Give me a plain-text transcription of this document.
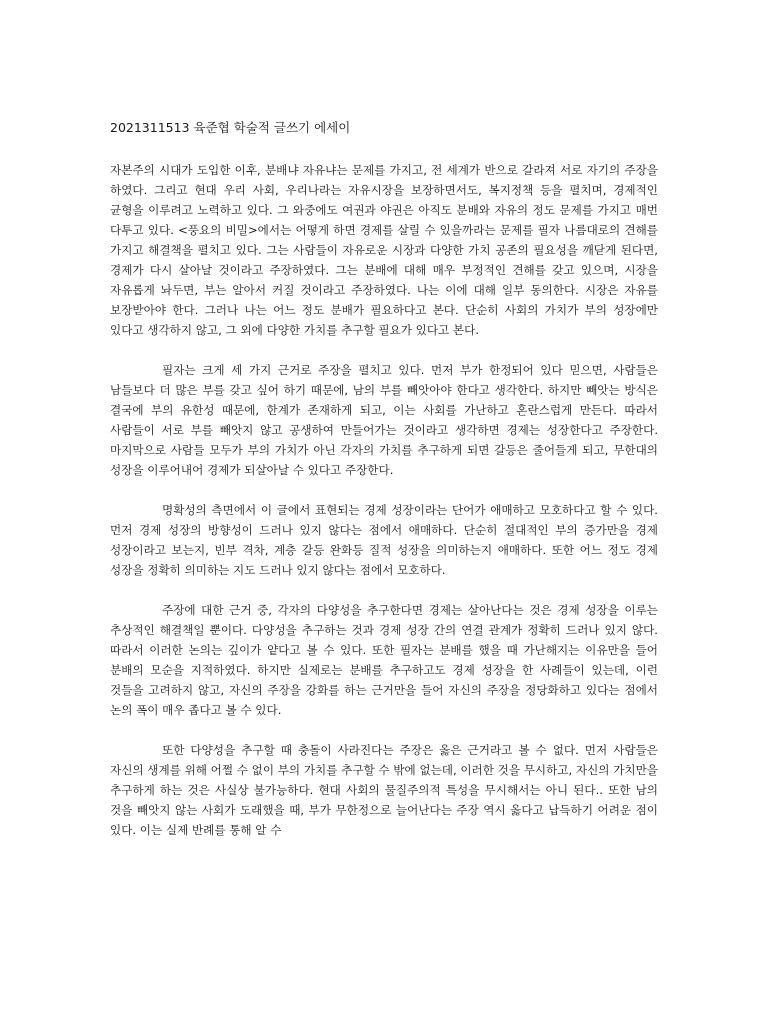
2021311513 육준협 학술적 글쓰기 에세이

자본주의 시대가 도입한 이후, 분배냐 자유냐는 문제를 가지고, 전 세계가 반으로 갈라져 서로 자기의 주장을 하였다. 그리고 현대 우리 사회, 우리나라는 자유시장을 보장하면서도, 복지정책 등을 펼치며, 경제적인 균형을 이루려고 노력하고 있다. 그 와중에도 여권과 야권은 아직도 분배와 자유의 정도 문제를 가지고 매번 다투고 있다. <풍요의 비밀>에서는 어떻게 하면 경제를 살릴 수 있을까라는 문제를 필자 나름대로의 견해를 가지고 해결책을 펼치고 있다. 그는 사람들이 자유로운 시장과 다양한 가치 공존의 필요성을 깨닫게 된다면, 경제가 다시 살아날 것이라고 주장하였다. 그는 분배에 대해 매우 부정적인 견해를 갖고 있으며, 시장을 자유롭게 놔두면, 부는 알아서 커질 것이라고 주장하였다. 나는 이에 대해 일부 동의한다. 시장은 자유를 보장받아야 한다. 그러나 나는 어느 정도 분배가 필요하다고 본다. 단순히 사회의 가치가 부의 성장에만 있다고 생각하지 않고, 그 외에 다양한 가치를 추구할 필요가 있다고 본다.

필자는 크게 세 가지 근거로 주장을 펼치고 있다. 먼저 부가 한정되어 있다 믿으면, 사람들은 남들보다 더 많은 부를 갖고 싶어 하기 때문에, 남의 부를 빼앗아야 한다고 생각한다. 하지만 빼앗는 방식은 결국에 부의 유한성 때문에, 한계가 존재하게 되고, 이는 사회를 가난하고 혼란스럽게 만든다. 따라서 사람들이 서로 부를 빼앗지 않고 공생하여 만들어가는 것이라고 생각하면 경제는 성장한다고 주장한다. 마지막으로 사람들 모두가 부의 가치가 아닌 각자의 가치를 추구하게 되면 갈등은 줄어들게 되고, 무한대의 성장을 이루어내어 경제가 되살아날 수 있다고 주장한다.

명확성의 측면에서 이 글에서 표현되는 경제 성장이라는 단어가 애매하고 모호하다고 할 수 있다. 먼저 경제 성장의 방향성이 드러나 있지 않다는 점에서 애매하다. 단순히 절대적인 부의 증가만을 경제 성장이라고 보는지, 빈부 격차, 계층 갈등 완화등 질적 성장을 의미하는지 애매하다. 또한 어느 정도 경제 성장을 정확히 의미하는 지도 드러나 있지 않다는 점에서 모호하다.

주장에 대한 근거 중, 각자의 다양성을 추구한다면 경제는 살아난다는 것은 경제 성장을 이루는 추상적인 해결책일 뿐이다. 다양성을 추구하는 것과 경제 성장 간의 연결 관계가 정확히 드러나 있지 않다. 따라서 이러한 논의는 깊이가 얕다고 볼 수 있다. 또한 필자는 분배를 했을 때 가난해지는 이유만을 들어 분배의 모순을 지적하였다. 하지만 실제로는 분배를 추구하고도 경제 성장을 한 사례들이 있는데, 이런 것들을 고려하지 않고, 자신의 주장을 강화를 하는 근거만을 들어 자신의 주장을 정당화하고 있다는 점에서 논의 폭이 매우 좁다고 볼 수 있다.

또한 다양성을 추구할 때 충돌이 사라진다는 주장은 옳은 근거라고 볼 수 없다. 먼저 사람들은 자신의 생계를 위해 어쩔 수 없이 부의 가치를 추구할 수 밖에 없는데, 이러한 것을 무시하고, 자신의 가치만을 추구하게 하는 것은 사실상 불가능하다. 현대 사회의 물질주의적 특성을 무시해서는 아니 된다.. 또한 남의 것을 빼앗지 않는 사회가 도래했을 때, 부가 무한정으로 늘어난다는 주장 역시 옳다고 납득하기 어려운 점이 있다. 이는 실제 반례를 통해 알 수
